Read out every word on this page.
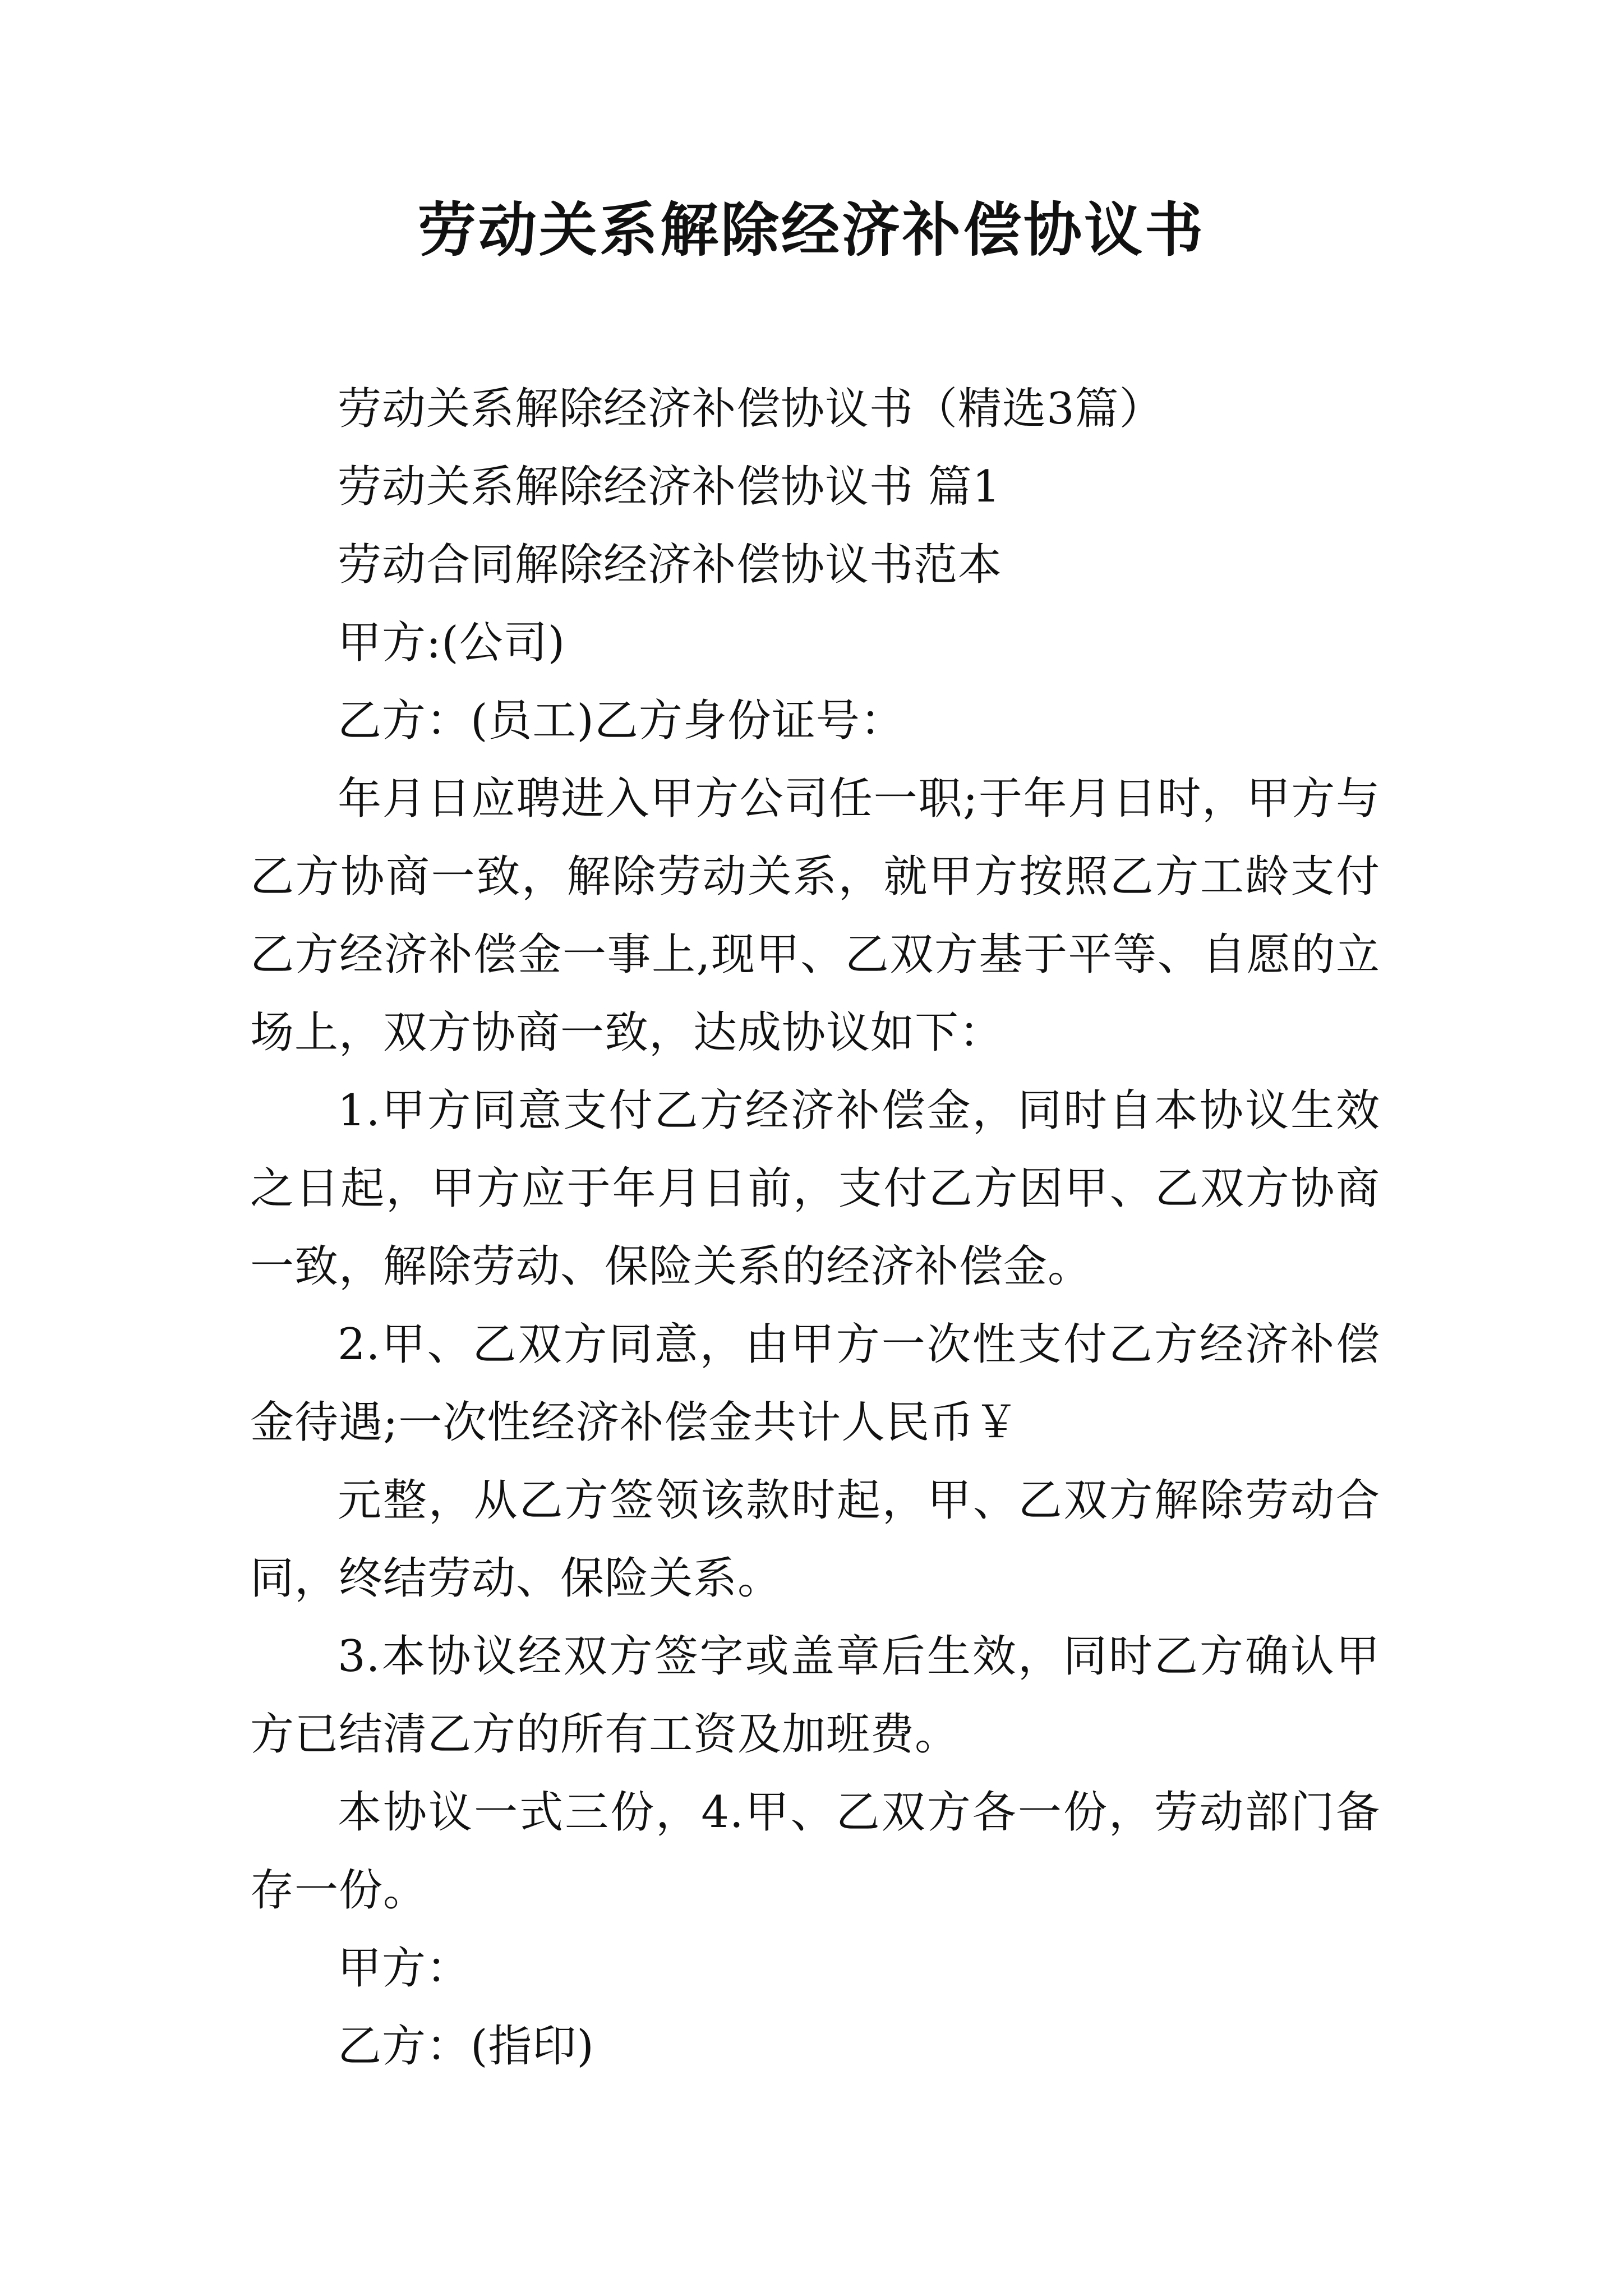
劳动关系解除经济补偿协议书

劳动关系解除经济补偿协议书（精选3篇）

劳动关系解除经济补偿协议书 篇1

劳动合同解除经济补偿协议书范本

甲方:(公司)

乙方：(员工)乙方身份证号：

年月日应聘进入甲方公司任一职;于年月日时，甲方与乙方协商一致，解除劳动关系，就甲方按照乙方工龄支付乙方经济补偿金一事上,现甲、乙双方基于平等、自愿的立场上，双方协商一致，达成协议如下：

1.甲方同意支付乙方经济补偿金，同时自本协议生效之日起，甲方应于年月日前，支付乙方因甲、乙双方协商一致，解除劳动、保险关系的经济补偿金。

2.甲、乙双方同意，由甲方一次性支付乙方经济补偿金待遇;一次性经济补偿金共计人民币￥

元整，从乙方签领该款时起，甲、乙双方解除劳动合同，终结劳动、保险关系。

3.本协议经双方签字或盖章后生效，同时乙方确认甲方已结清乙方的所有工资及加班费。

本协议一式三份，4.甲、乙双方各一份，劳动部门备存一份。

甲方：

乙方：(指印)
